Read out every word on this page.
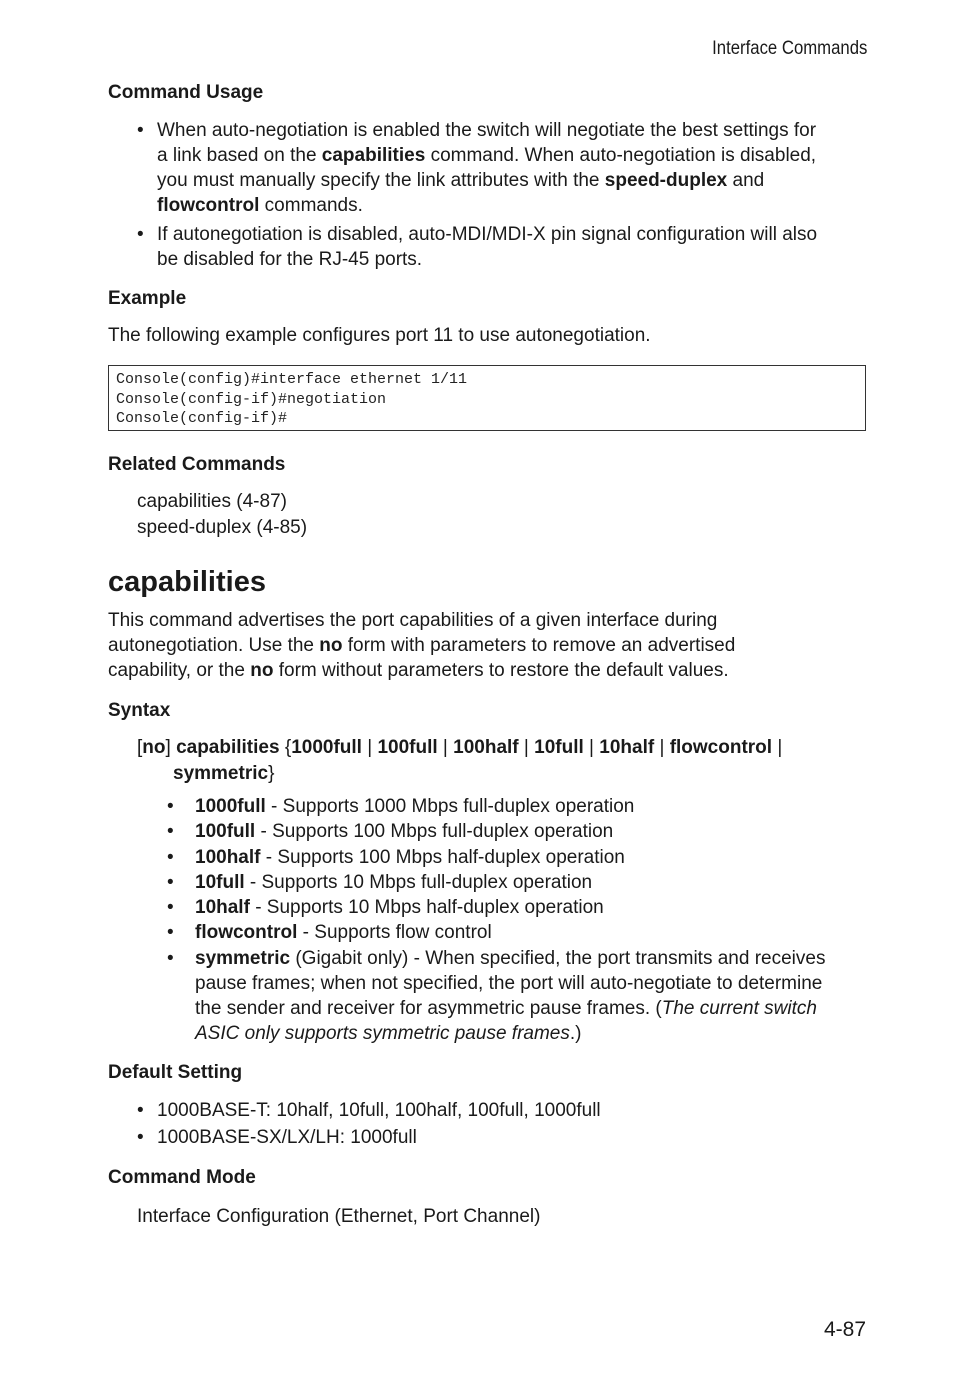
Interface Commands
Command Usage
• When auto-negotiation is enabled the switch will negotiate the best settings for
a link based on the capabilities command. When auto-negotiation is disabled,
you must manually specify the link attributes with the speed-duplex and
flowcontrol commands.
• If autonegotiation is disabled, auto-MDI/MDI-X pin signal configuration will also
be disabled for the RJ-45 ports.
Example
The following example configures port 11 to use autonegotiation.
Console(config)#interface ethernet 1/11
Console(config-if)#negotiation
Console(config-if)#
Related Commands
capabilities (4-87)
speed-duplex (4-85)
capabilities
This command advertises the port capabilities of a given interface during
autonegotiation. Use the no form with parameters to remove an advertised
capability, or the no form without parameters to restore the default values.
Syntax
[no] capabilities {1000full | 100full | 100half | 10full | 10half | flowcontrol |
symmetric}
• 1000full - Supports 1000 Mbps full-duplex operation
• 100full - Supports 100 Mbps full-duplex operation
• 100half - Supports 100 Mbps half-duplex operation
• 10full - Supports 10 Mbps full-duplex operation
• 10half - Supports 10 Mbps half-duplex operation
• flowcontrol - Supports flow control
• symmetric (Gigabit only) - When specified, the port transmits and receives
pause frames; when not specified, the port will auto-negotiate to determine
the sender and receiver for asymmetric pause frames. (The current switch
ASIC only supports symmetric pause frames.)
Default Setting
• 1000BASE-T: 10half, 10full, 100half, 100full, 1000full
• 1000BASE-SX/LX/LH: 1000full
Command Mode
Interface Configuration (Ethernet, Port Channel)
4-87
